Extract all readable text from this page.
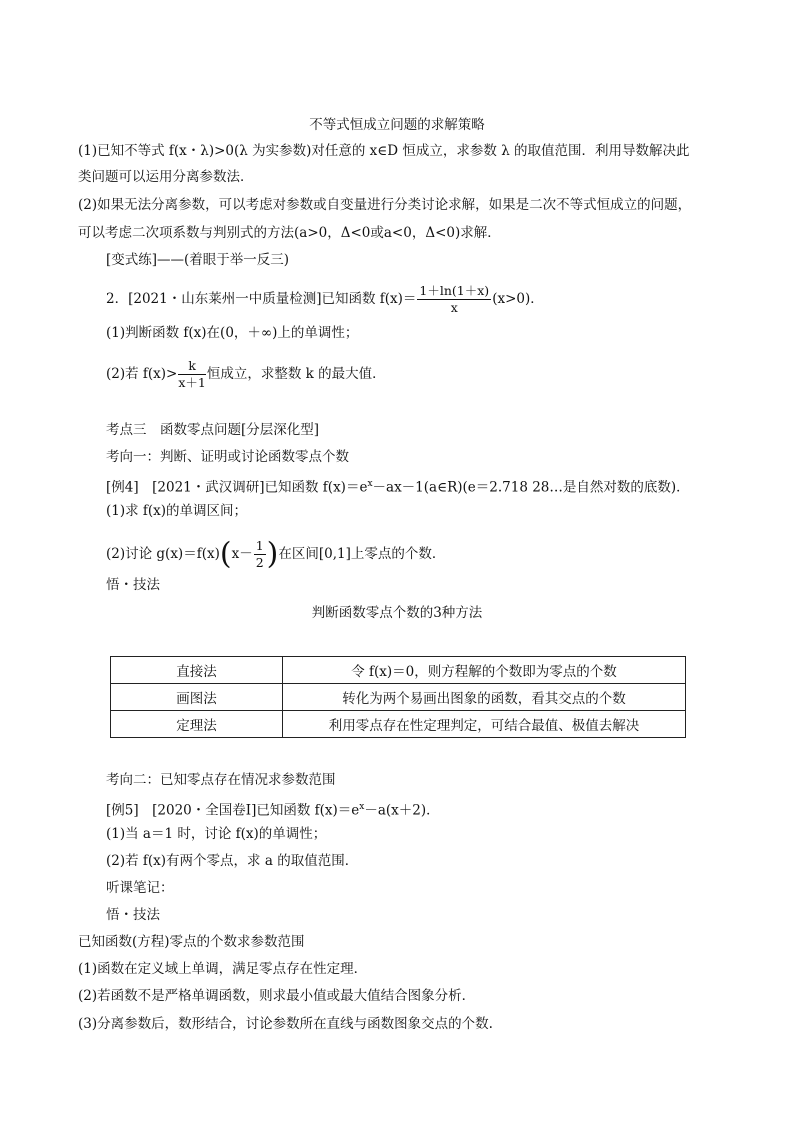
不等式恒成立问题的求解策略
(1)已知不等式 f(x・λ)>0(λ 为实参数)对任意的 x∈D 恒成立，求参数 λ 的取值范围．利用导数解决此
类问题可以运用分离参数法．
(2)如果无法分离参数，可以考虑对参数或自变量进行分类讨论求解，如果是二次不等式恒成立的问题，
可以考虑二次项系数与判别式的方法(a>0，Δ<0或a<0，Δ<0)求解．
[变式练]——(着眼于举一反三)
2．[2021・山东莱州一中质量检测]已知函数 $f(x)= \frac{1+\ln(1+x)}{x} (x>0)$．
(1)判断函数 f(x)在(0，＋∞)上的单调性；
(2)若 $f(x)> \frac{k}{x+1}$ 恒成立，求整数 k 的最大值．
考点三　函数零点问题[分层深化型]
考向一：判断、证明或讨论函数零点个数
[例4]　[2021・武汉调研]已知函数 $f(x)=e^x-ax-1(a\in R)(e=2.718$ 28…是自然对数的底数)．
(1)求 f(x)的单调区间；
(2)讨论 $g(x)=f(x)(x- \frac{1}{2}$ )在区间[0,1]上零点的个数．
悟・技法
判断函数零点个数的3种方法
直接法	令 f(x)＝0，则方程解的个数即为零点的个数
画图法	转化为两个易画出图象的函数，看其交点的个数
定理法	利用零点存在性定理判定，可结合最值、极值去解决
考向二：已知零点存在情况求参数范围
[例5]　[2020・全国卷Ⅰ]已知函数 $f(x)=e^x-a(x+2)$．
(1)当 a＝1 时，讨论 f(x)的单调性；
(2)若 f(x)有两个零点，求 a 的取值范围．
听课笔记：
悟・技法
已知函数(方程)零点的个数求参数范围
(1)函数在定义域上单调，满足零点存在性定理．
(2)若函数不是严格单调函数，则求最小值或最大值结合图象分析．
(3)分离参数后，数形结合，讨论参数所在直线与函数图象交点的个数.
